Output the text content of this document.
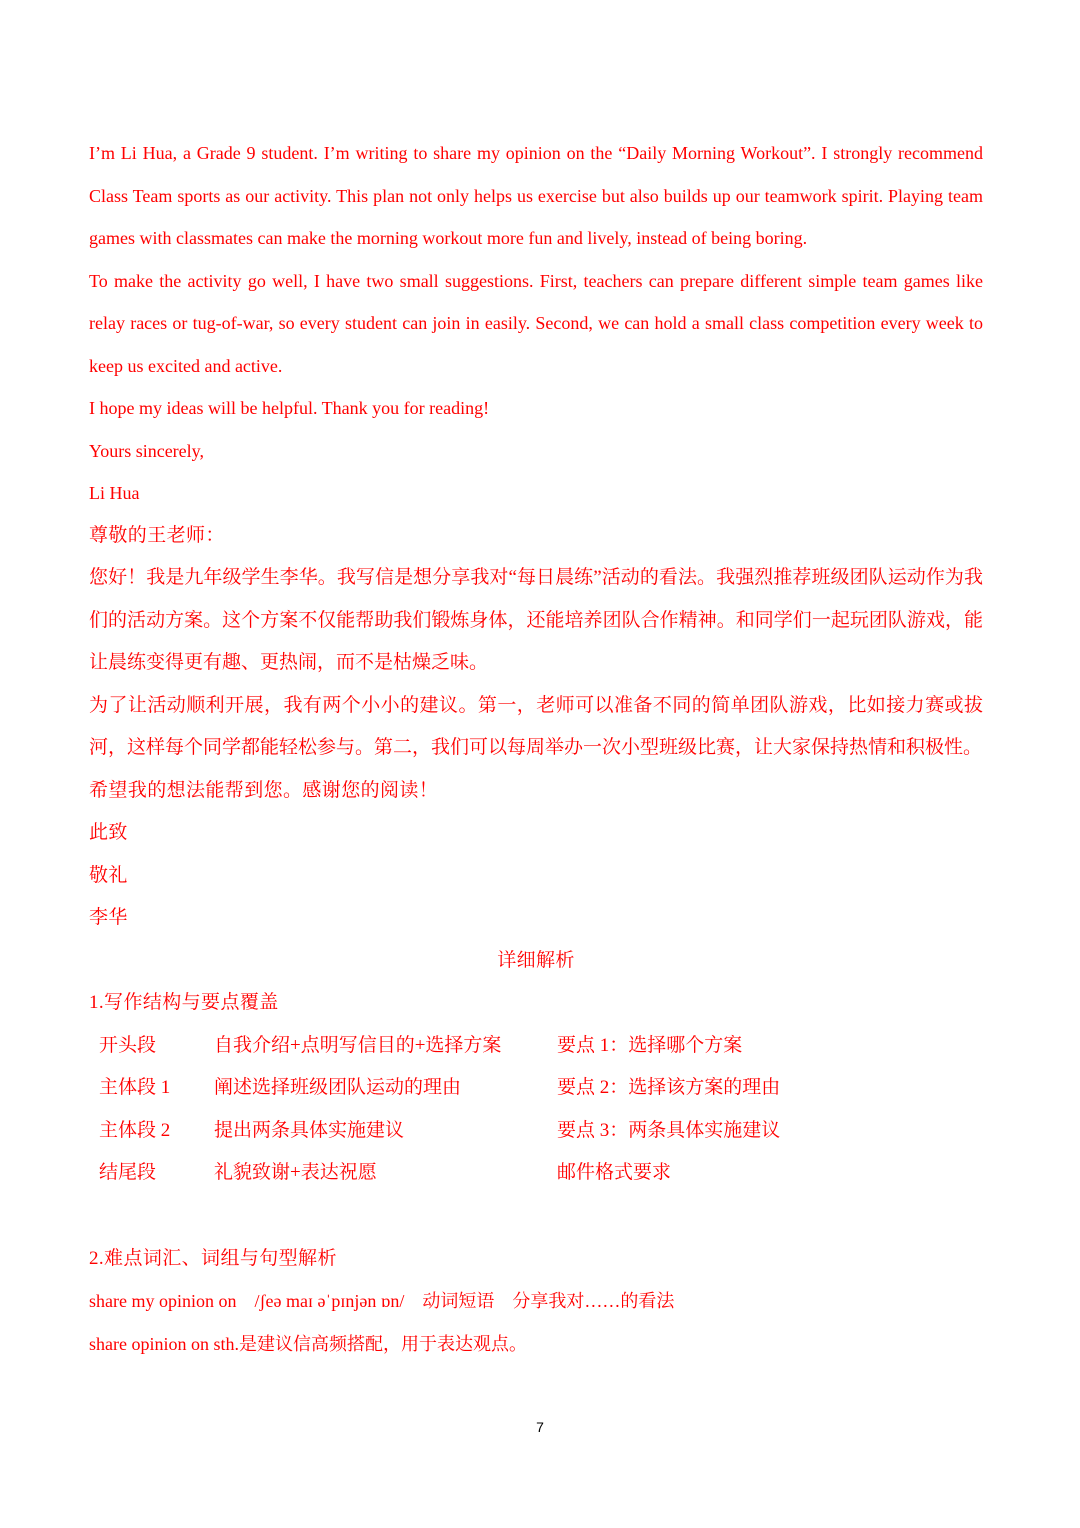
I’m Li Hua, a Grade 9 student. I’m writing to share my opinion on the “Daily Morning Workout”. I strongly recommend Class Team sports as our activity. This plan not only helps us exercise but also builds up our teamwork spirit. Playing team games with classmates can make the morning workout more fun and lively, instead of being boring.
To make the activity go well, I have two small suggestions. First, teachers can prepare different simple team games like relay races or tug-of-war, so every student can join in easily. Second, we can hold a small class competition every week to keep us excited and active.
I hope my ideas will be helpful. Thank you for reading!
Yours sincerely,
Li Hua
尊敬的王老师：
您好！我是九年级学生李华。我写信是想分享我对“每日晨练”活动的看法。我强烈推荐班级团队运动作为我们的活动方案。这个方案不仅能帮助我们锻炼身体，还能培养团队合作精神。和同学们一起玩团队游戏，能让晨练变得更有趣、更热闹，而不是枯燥乏味。
为了让活动顺利开展，我有两个小小的建议。第一，老师可以准备不同的简单团队游戏，比如接力赛或拔河，这样每个同学都能轻松参与。第二，我们可以每周举办一次小型班级比赛，让大家保持热情和积极性。
希望我的想法能帮到您。感谢您的阅读！
此致
敬礼
李华
详细解析
1.写作结构与要点覆盖
开头段	自我介绍+点明写信目的+选择方案	要点 1：选择哪个方案
主体段 1	阐述选择班级团队运动的理由	要点 2：选择该方案的理由
主体段 2	提出两条具体实施建议	要点 3：两条具体实施建议
结尾段	礼貌致谢+表达祝愿	邮件格式要求
2.难点词汇、词组与句型解析
share my opinion on    /ʃeə maɪ əˈpɪnjən ɒn/    动词短语    分享我对……的看法
share opinion on sth.是建议信高频搭配，用于表达观点。
7
